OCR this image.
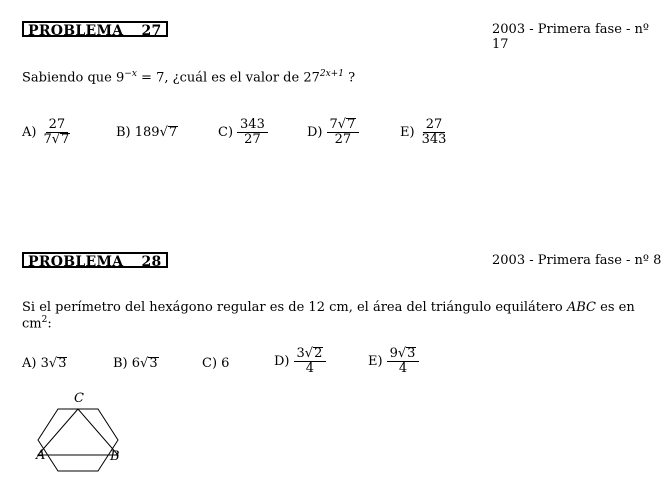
PROBLEMA 27	2003 - Primera fase - nº 17
Sabiendo que $9^{-x} = 7$, ¿cuál es el valor de $27^{2x+1}$ ?
$A) \frac{27}{7 √ 7}$	B)
189 √ 7	$C) \frac{343}{27}$	$D) \frac{7 √ 7}{27}$	$E) \frac{27}{343}$
PROBLEMA 28	2003 - Primera fase - nº 8
Si el perímetro del hexágono regular es de 12 cm, el área del triángulo equilátero ABC es en $cm^2$:
A)
3 √ 3	B)
6 √ 3	C)
6	$D) \frac{3 √ 2}{4}$	$E) \frac{9 √ 3}{4}$
C
A	B
